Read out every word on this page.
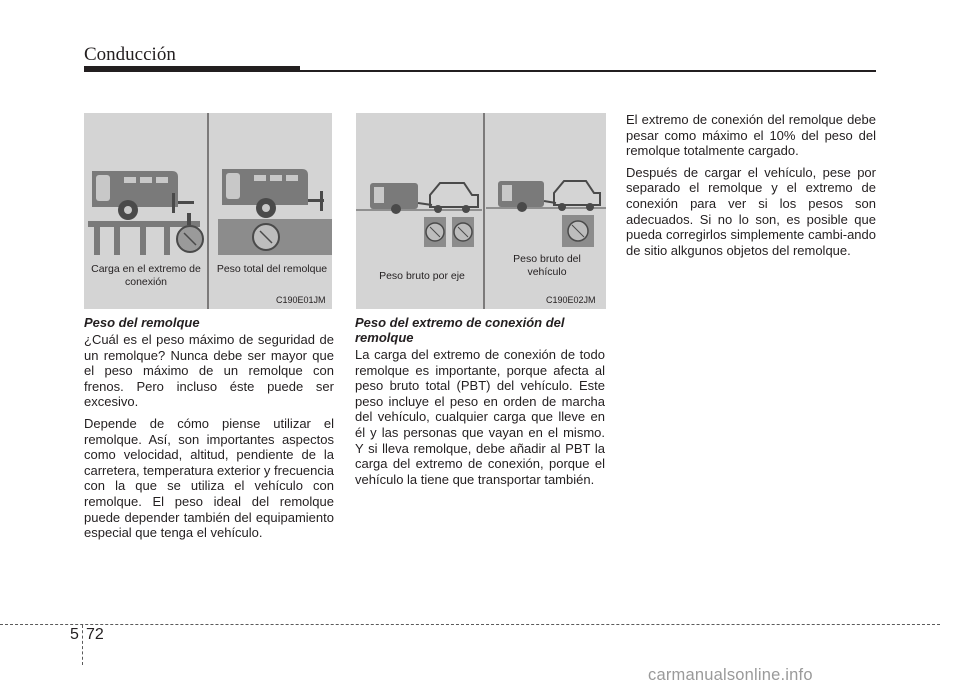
Conducción
Carga en el extremo de conexión
Peso total del remolque
C190E01JM
Peso bruto por eje
Peso bruto del vehículo
C190E02JM
Peso del remolque

¿Cuál es el peso máximo de seguridad de un remolque? Nunca debe ser mayor que el peso máximo de un remolque con frenos. Pero incluso éste puede ser excesivo.

Depende de cómo piense utilizar el remolque. Así, son importantes aspectos como velocidad, altitud, pendiente de la carretera, temperatura exterior y frecuencia con la que se utiliza el vehículo con remolque. El peso ideal del remolque puede depender también del equipamiento especial que tenga el vehículo.

Peso del extremo de conexión del remolque

La carga del extremo de conexión de todo remolque es importante, porque afecta al peso bruto total (PBT) del vehículo. Este peso incluye el peso en orden de marcha del vehículo, cualquier carga que lleve en él y las personas que vayan en el mismo. Y si lleva remolque, debe añadir al PBT la carga del extremo de conexión, porque el vehículo la tiene que transportar también.

El extremo de conexión del remolque debe pesar como máximo el 10% del peso del remolque totalmente cargado.

Después de cargar el vehículo, pese por separado el remolque y el extremo de conexión para ver si los pesos son adecuados. Si no lo son, es posible que pueda corregirlos simplemente cambi-ando de sitio alkgunos objetos del remolque.

5 72
carmanualsonline.info
